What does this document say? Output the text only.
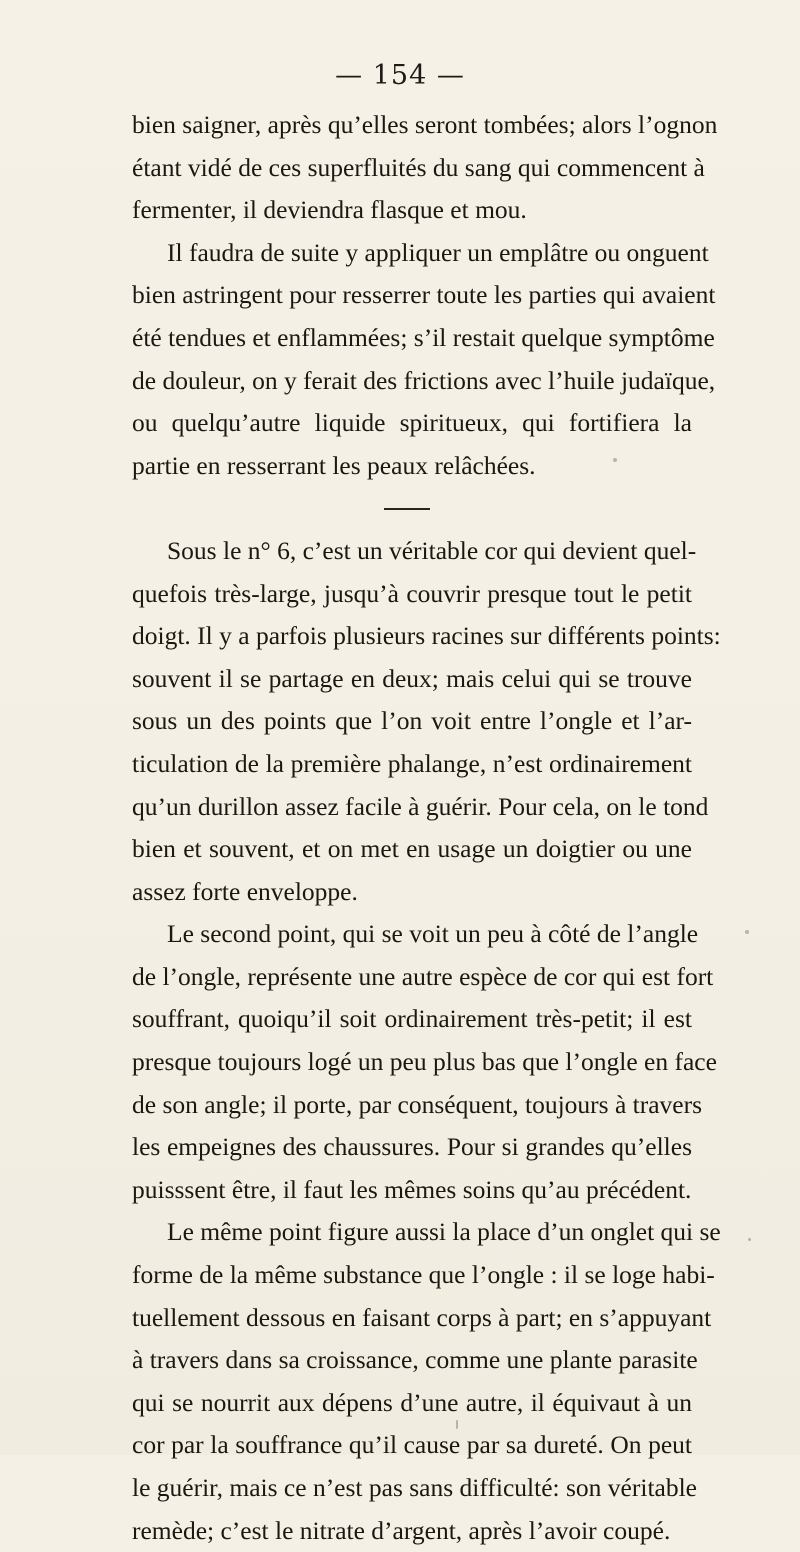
— 154 —
bien saigner, après qu’elles seront tombées; alors l’ognon
étant vidé de ces superfluités du sang qui commencent à
fermenter, il deviendra flasque et mou.
Il faudra de suite y appliquer un emplâtre ou onguent
bien astringent pour resserrer toute les parties qui avaient
été tendues et enflammées; s’il restait quelque symptôme
de douleur, on y ferait des frictions avec l’huile judaïque,
ou quelqu’autre liquide spiritueux, qui fortifiera la
partie en resserrant les peaux relâchées.
Sous le n° 6, c’est un véritable cor qui devient quel-
quefois très-large, jusqu’à couvrir presque tout le petit
doigt. Il y a parfois plusieurs racines sur différents points:
souvent il se partage en deux; mais celui qui se trouve
sous un des points que l’on voit entre l’ongle et l’ar-
ticulation de la première phalange, n’est ordinairement
qu’un durillon assez facile à guérir. Pour cela, on le tond
bien et souvent, et on met en usage un doigtier ou une
assez forte enveloppe.
Le second point, qui se voit un peu à côté de l’angle
de l’ongle, représente une autre espèce de cor qui est fort
souffrant, quoiqu’il soit ordinairement très-petit; il est
presque toujours logé un peu plus bas que l’ongle en face
de son angle; il porte, par conséquent, toujours à travers
les empeignes des chaussures. Pour si grandes qu’elles
puisssent être, il faut les mêmes soins qu’au précédent.
Le même point figure aussi la place d’un onglet qui se
forme de la même substance que l’ongle : il se loge habi-
tuellement dessous en faisant corps à part; en s’appuyant
à travers dans sa croissance, comme une plante parasite
qui se nourrit aux dépens d’une autre, il équivaut à un
cor par la souffrance qu’il cause par sa dureté. On peut
le guérir, mais ce n’est pas sans difficulté: son véritable
remède; c’est le nitrate d’argent, après l’avoir coupé.
